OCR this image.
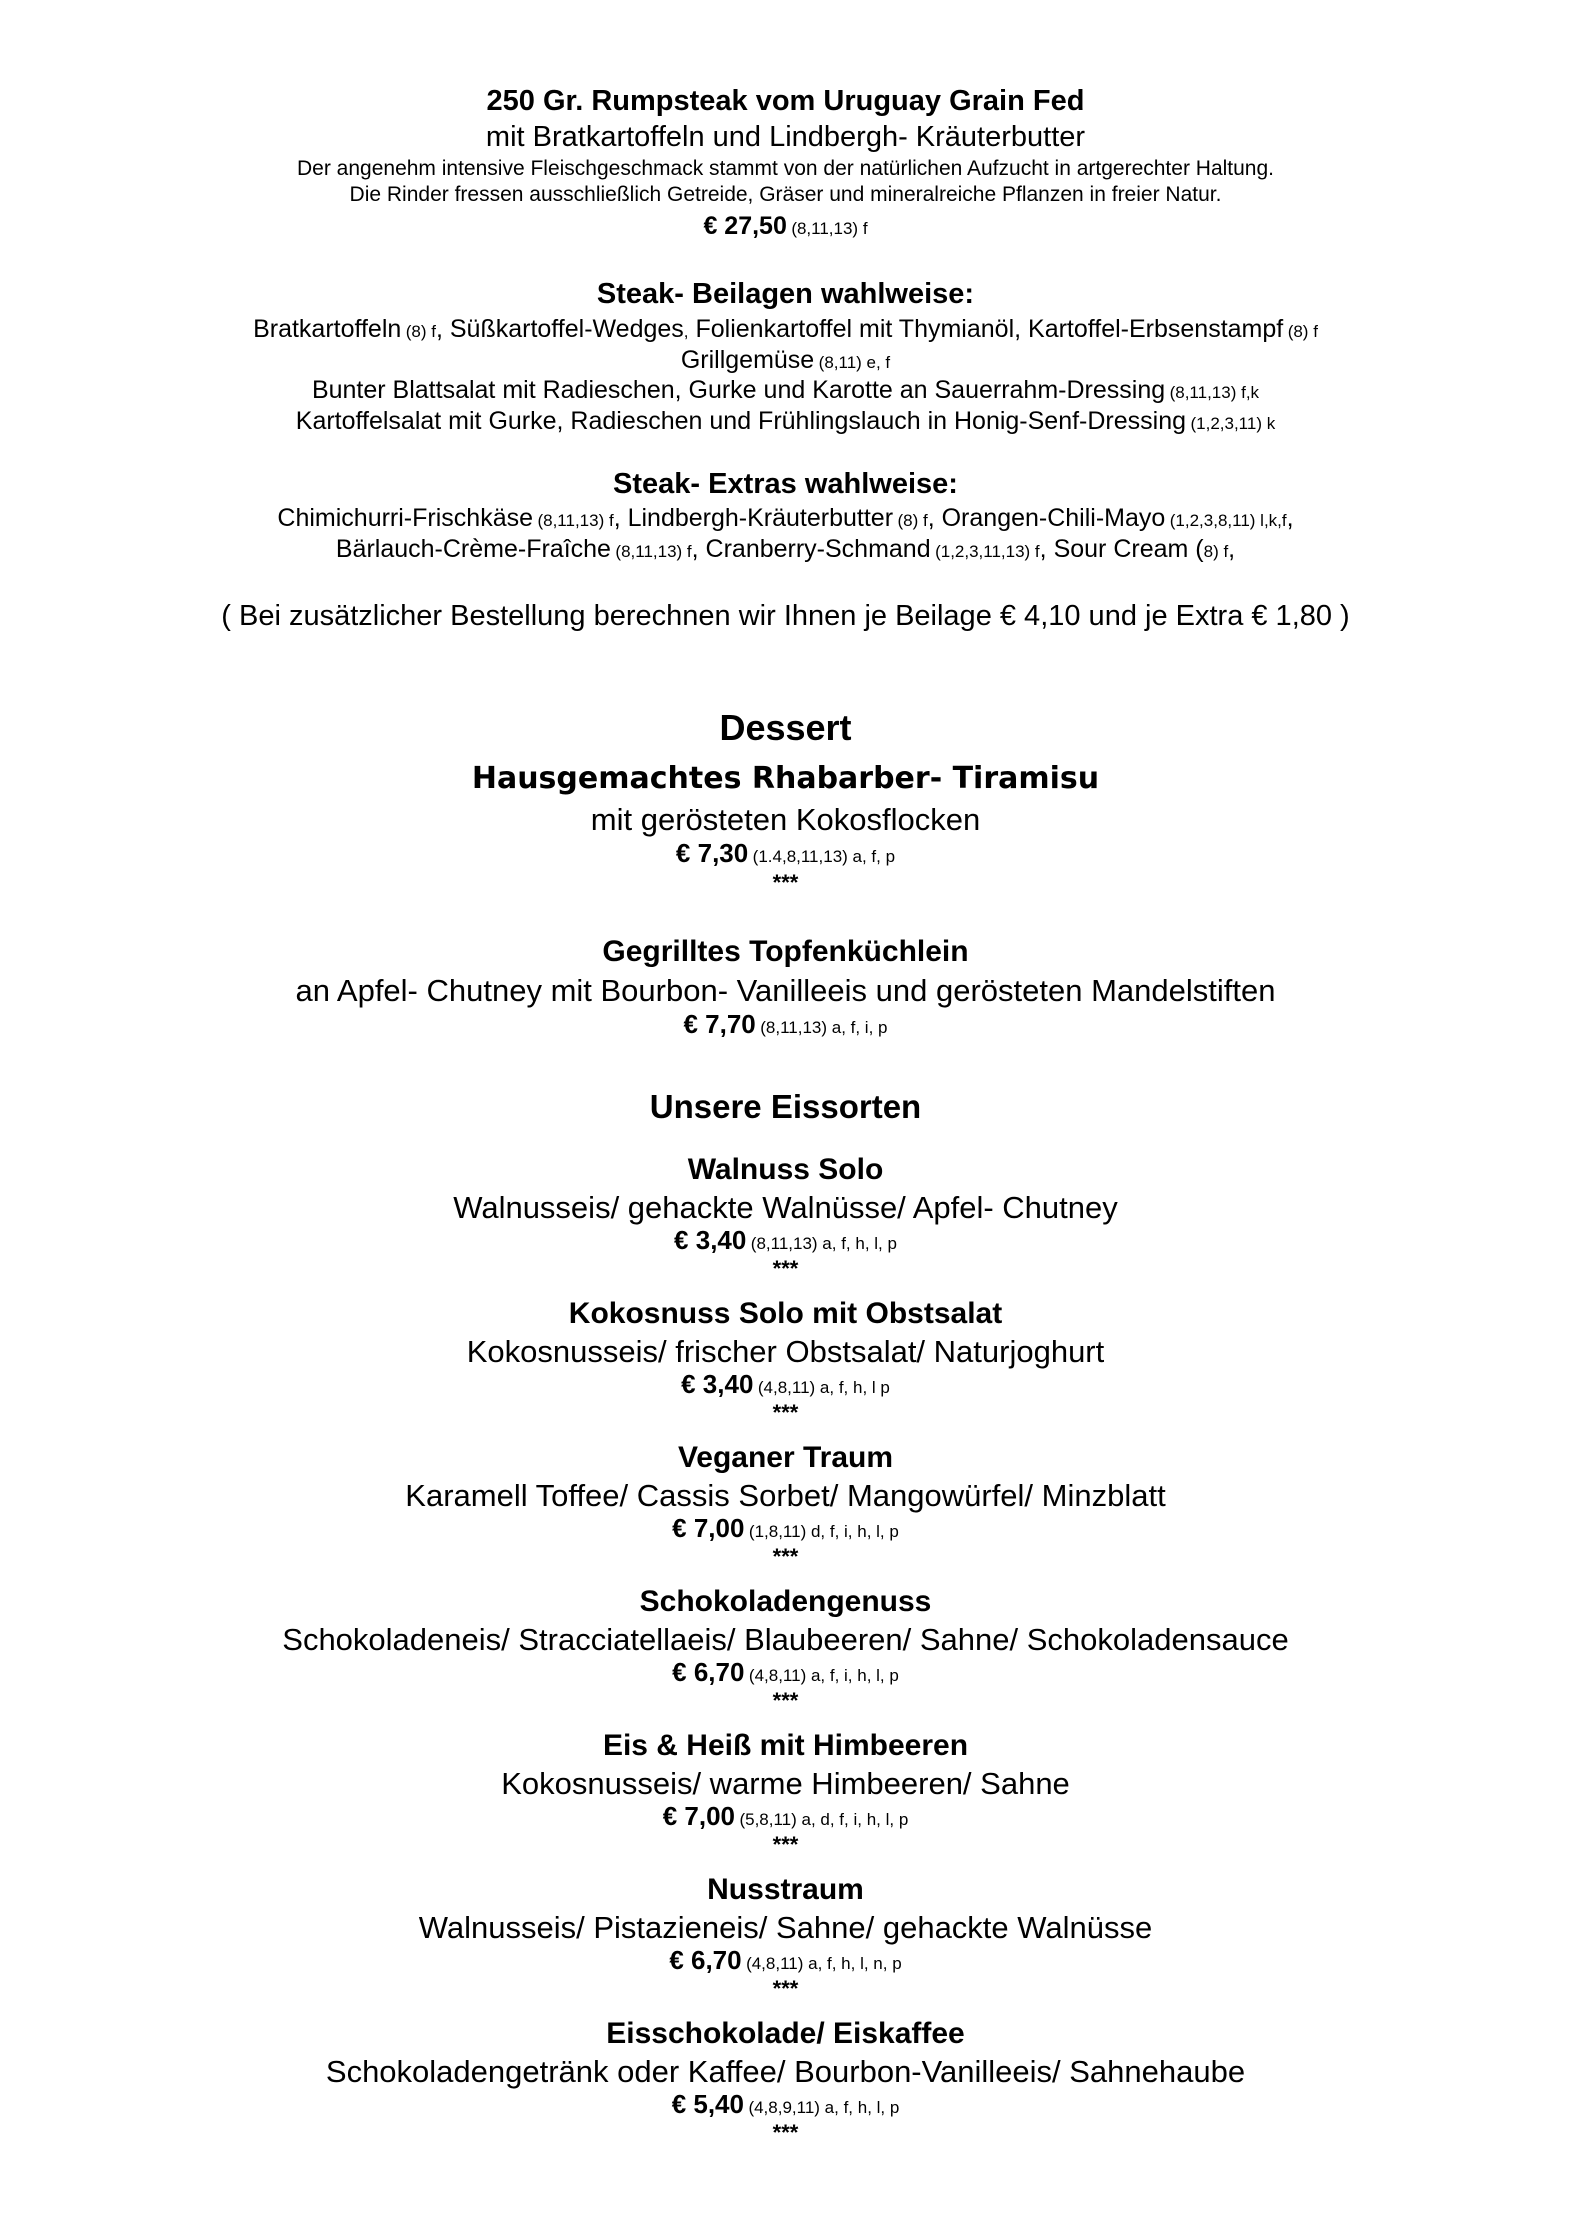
250 Gr. Rumpsteak vom Uruguay Grain Fed
mit Bratkartoffeln und Lindbergh- Kräuterbutter
Der angenehm intensive Fleischgeschmack stammt von der natürlichen Aufzucht in artgerechter Haltung.
Die Rinder fressen ausschließlich Getreide, Gräser und mineralreiche Pflanzen in freier Natur.
€ 27,50 (8,11,13) f
Steak- Beilagen wahlweise:
Bratkartoffeln (8) f, Süßkartoffel-Wedges, Folienkartoffel mit Thymianöl, Kartoffel-Erbsenstampf (8) f
Grillgemüse (8,11) e, f
Bunter Blattsalat mit Radieschen, Gurke und Karotte an Sauerrahm-Dressing (8,11,13) f,k
Kartoffelsalat mit Gurke, Radieschen und Frühlingslauch in Honig-Senf-Dressing (1,2,3,11) k
Steak- Extras wahlweise:
Chimichurri-Frischkäse (8,11,13) f, Lindbergh-Kräuterbutter (8) f, Orangen-Chili-Mayo (1,2,3,8,11) l,k,f,
Bärlauch-Crème-Fraîche (8,11,13) f, Cranberry-Schmand (1,2,3,11,13) f, Sour Cream (8) f,
( Bei zusätzlicher Bestellung berechnen wir Ihnen je Beilage € 4,10 und je Extra € 1,80 )
Dessert
Hausgemachtes Rhabarber- Tiramisu
mit gerösteten Kokosflocken
€ 7,30 (1.4,8,11,13) a, f, p
***
Gegrilltes Topfenküchlein
an Apfel- Chutney mit Bourbon- Vanilleeis und gerösteten Mandelstiften
€ 7,70 (8,11,13) a, f, i, p
Unsere Eissorten
Walnuss Solo
Walnusseis/ gehackte Walnüsse/ Apfel- Chutney
€ 3,40 (8,11,13) a, f, h, l, p
***
Kokosnuss Solo mit Obstsalat
Kokosnusseis/ frischer Obstsalat/ Naturjoghurt
€ 3,40 (4,8,11) a, f, h, l p
***
Veganer Traum
Karamell Toffee/ Cassis Sorbet/ Mangowürfel/ Minzblatt
€ 7,00 (1,8,11) d, f, i, h, l, p
***
Schokoladengenuss
Schokoladeneis/ Stracciatellaeis/ Blaubeeren/ Sahne/ Schokoladensauce
€ 6,70 (4,8,11) a, f, i, h, l, p
***
Eis & Heiß mit Himbeeren
Kokosnusseis/ warme Himbeeren/ Sahne
€ 7,00 (5,8,11) a, d, f, i, h, l, p
***
Nusstraum
Walnusseis/ Pistazieneis/ Sahne/ gehackte Walnüsse
€ 6,70 (4,8,11) a, f, h, l, n, p
***
Eisschokolade/ Eiskaffee
Schokoladengetränk oder Kaffee/ Bourbon-Vanilleeis/ Sahnehaube
€ 5,40 (4,8,9,11) a, f, h, l, p
***
